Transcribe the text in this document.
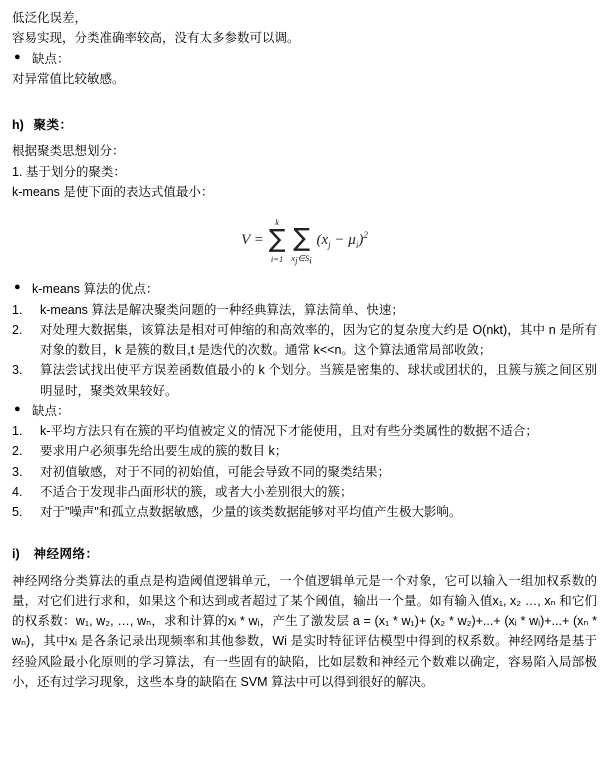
低泛化误差，

容易实现，分类准确率较高，没有太多参数可以调。

● 缺点：

对异常值比较敏感。

h) 聚类：

根据聚类思想划分：

1. 基于划分的聚类：

k-means 是使下面的表达式值最小：

V =
k
∑
i=1

∑
$x_j\in S_i$
$(x_j - \mu_i)^2$
● k-means 算法的优点：
1.	k-means 算法是解决聚类问题的一种经典算法，算法简单、快速；
2.	对处理大数据集，该算法是相对可伸缩的和高效率的，因为它的复杂度大约是 O(nkt)，其中 n 是所有对象的数目，k 是簇的数目,t 是迭代的次数。通常 k<<n。这个算法通常局部收敛；
3.	算法尝试找出使平方误差函数值最小的 k 个划分。当簇是密集的、球状或团状的，且簇与簇之间区别明显时，聚类效果较好。
● 缺点：
1.	k-平均方法只有在簇的平均值被定义的情况下才能使用，且对有些分类属性的数据不适合；
2.	要求用户必须事先给出要生成的簇的数目 k；
3.	对初值敏感，对于不同的初始值，可能会导致不同的聚类结果；
4.	不适合于发现非凸面形状的簇，或者大小差别很大的簇；
5.	对于"噪声"和孤立点数据敏感，少量的该类数据能够对平均值产生极大影响。

i) 神经网络：

神经网络分类算法的重点是构造阈值逻辑单元，一个值逻辑单元是一个对象，它可以输入一组加权系数的量，对它们进行求和，如果这个和达到或者超过了某个阈值，输出一个量。如有输入值x₁, x₂ …, xₙ 和它们的权系数：w₁, w₂, …, wₙ，求和计算的xᵢ * wᵢ，产生了激发层 a = (x₁ * w₁)+ (x₂ * w₂)+...+ (xᵢ * wᵢ)+...+ (xₙ * wₙ)，其中xᵢ 是各条记录出现频率和其他参数，Wi 是实时特征评估模型中得到的权系数。神经网络是基于经验风险最小化原则的学习算法，有一些固有的缺陷，比如层数和神经元个数难以确定，容易陷入局部极小，还有过学习现象，这些本身的缺陷在 SVM 算法中可以得到很好的解决。
